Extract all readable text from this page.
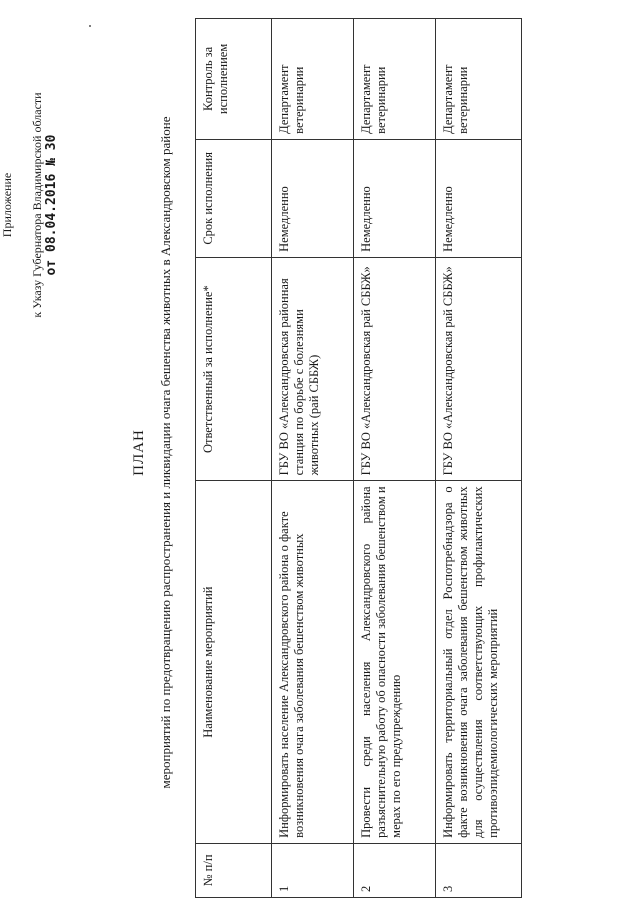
Приложение к Указу Губернатора Владимирской области от 08.04.2016 № 30
ПЛАН мероприятий по предотвращению распространения и ликвидации очага бешенства животных в Александровском районе
№ п/п	Наименование мероприятий	Ответственный за исполнение*	Срок исполнения	Контроль за исполнением
1	Информировать население Александровского района о факте возникновения очага заболевания бешенством животных	ГБУ ВО «Александровская районная станция по борьбе с болезнями животных (рай СББЖ)	Немедленно	Департамент ветеринарии
2	Провести среди населения Александровского района разъяснительную работу об опасности заболевания бешенством и мерах по его предупреждению	ГБУ ВО «Александровская рай СББЖ»	Немедленно	Департамент ветеринарии
3	Информировать территориальный отдел Роспотребнадзора о факте возникновения очага заболевания бешенством животных для осуществления соответствующих профилактических противоэпидемиологических мероприятий	ГБУ ВО «Александровская рай СББЖ»	Немедленно	Департамент ветеринарии
